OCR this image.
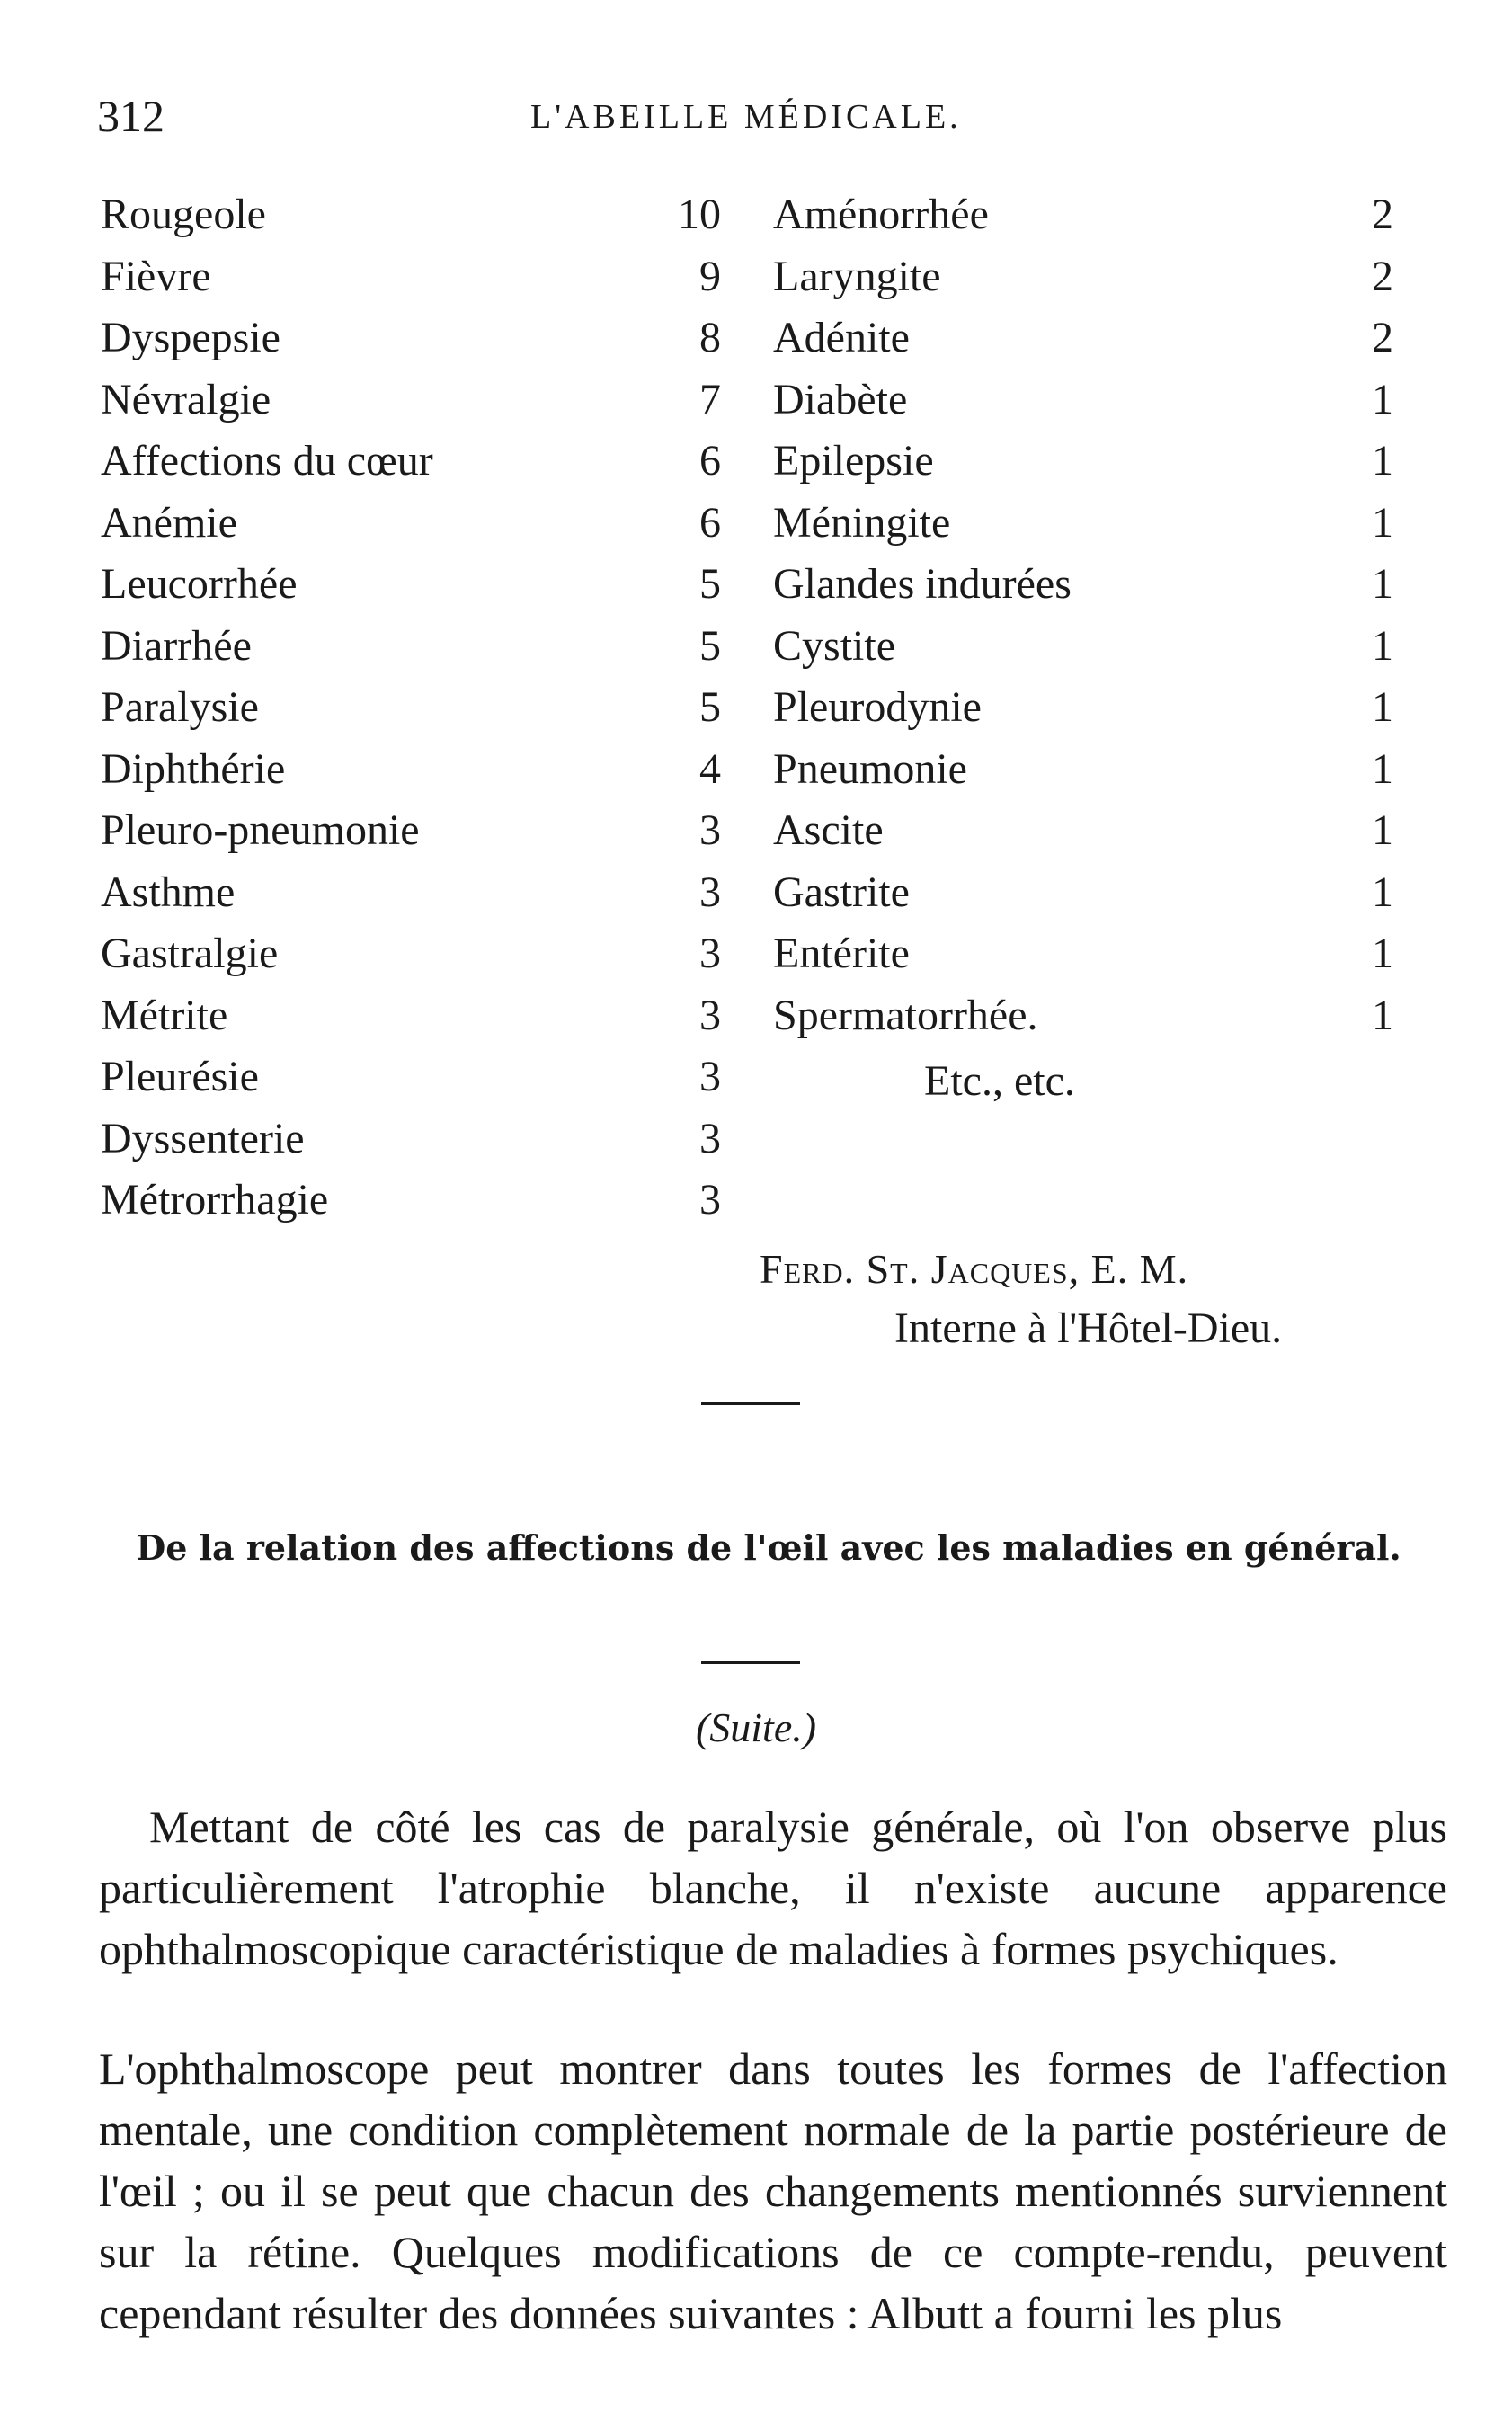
312	L'ABEILLE MÉDICALE.
Rougeole	10
Fièvre	9
Dyspepsie	8
Névralgie	7
Affections du cœur	6
Anémie	6
Leucorrhée	5
Diarrhée	5
Paralysie	5
Diphthérie	4
Pleuro-pneumonie	3
Asthme	3
Gastralgie	3
Métrite	3
Pleurésie	3
Dyssenterie	3
Métrorrhagie	3
Aménorrhée	2
Laryngite	2
Adénite	2
Diabète	1
Epilepsie	1
Méningite	1
Glandes indurées	1
Cystite	1
Pleurodynie	1
Pneumonie	1
Ascite	1
Gastrite	1
Entérite	1
Spermatorrhée.	1
Etc., etc.
Ferd. St. Jacques, E. M.
Interne à l'Hôtel-Dieu.
De la relation des affections de l'œil avec les maladies en général.
(Suite.)
Mettant de côté les cas de paralysie générale, où l'on observe plus particulièrement l'atrophie blanche, il n'existe aucune apparence ophthalmoscopique caractéristique de maladies à formes psychiques.
L'ophthalmoscope peut montrer dans toutes les formes de l'affection mentale, une condition complètement normale de la partie postérieure de l'œil ; ou il se peut que chacun des changements mentionnés surviennent sur la rétine. Quelques modifications de ce compte-rendu, peuvent cependant résulter des données suivantes : Albutt a fourni les plus
